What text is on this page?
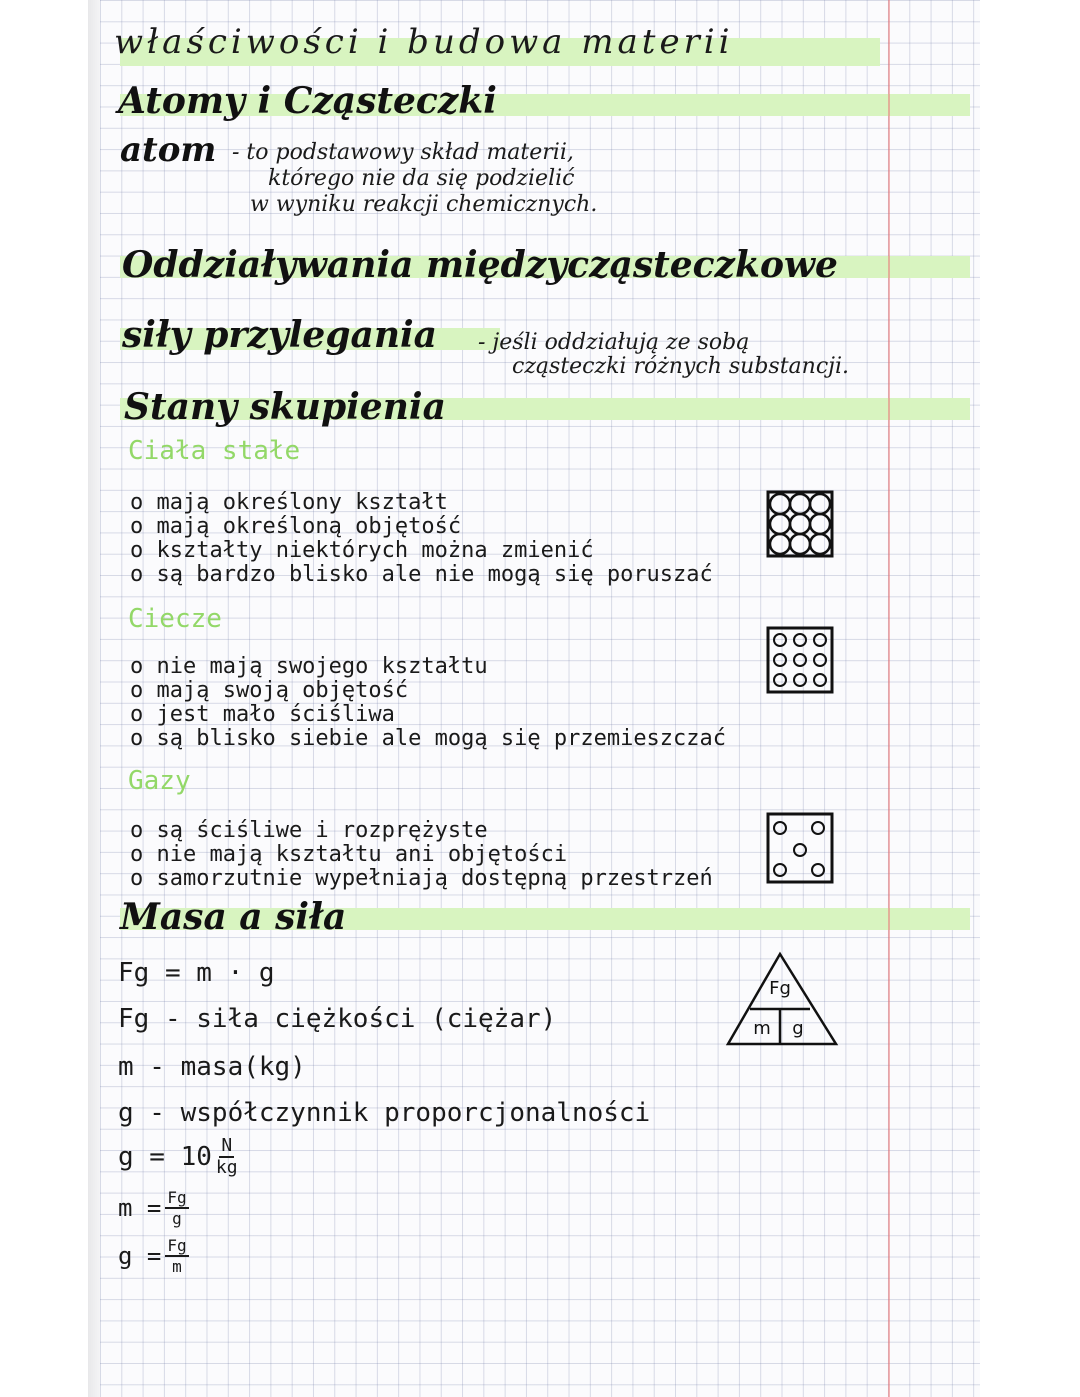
właściwości i budowa materii
Atomy i Cząsteczki
atom - to podstawowy skład materii,
którego nie da się podzielić
w wyniku reakcji chemicznych.
Oddziaływania międzycząsteczkowe
siły przylegania - jeśli oddziałują ze sobą
cząsteczki różnych substancji.
Stany skupienia
Ciała stałe
o mają określony kształt
o mają określoną objętość
o kształty niektórych można zmienić
o są bardzo blisko ale nie mogą się poruszać
Ciecze
o nie mają swojego kształtu
o mają swoją objętość
o jest mało ściśliwa
o są blisko siebie ale mogą się przemieszczać
Gazy
o są ściśliwe i rozprężyste
o nie mają kształtu ani objętości
o samorzutnie wypełniają dostępną przestrzeń
Masa a siła
Fg = m · g
Fg - siła ciężkości (ciężar)
m - masa(kg)
g - współczynnik proporcjonalności
$g = 10 \frac{N}{kg}$
$m = \frac{Fg}{g}$
$g = \frac{Fg}{m}$
Fg
m g
